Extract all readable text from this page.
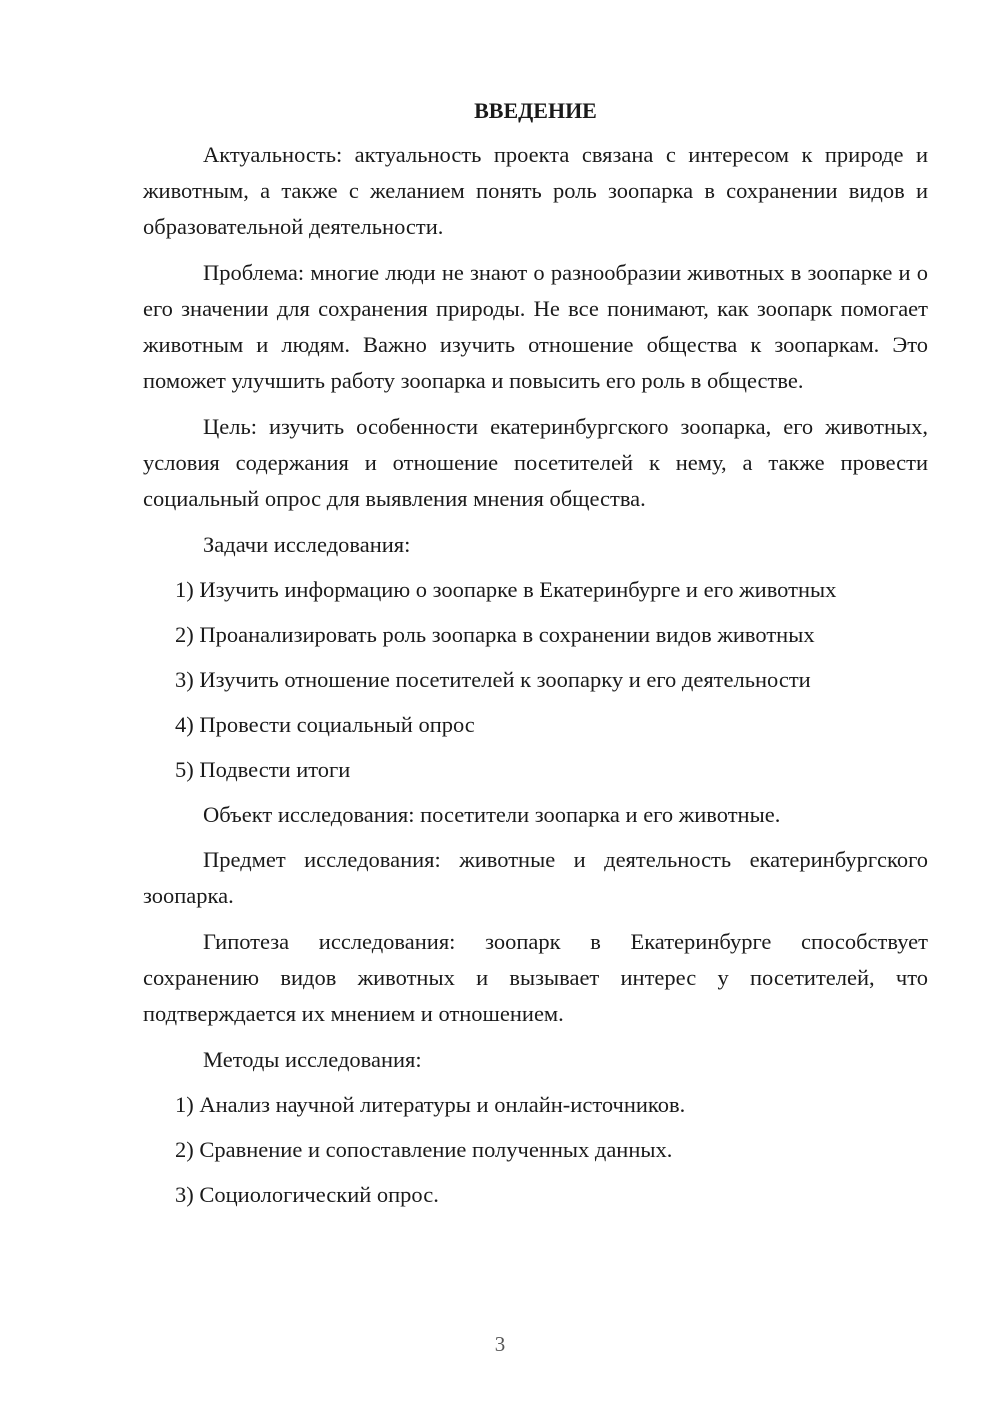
ВВЕДЕНИЕ

Актуальность: актуальность проекта связана с интересом к природе и животным, а также с желанием понять роль зоопарка в сохранении видов и образовательной деятельности.

Проблема: многие люди не знают о разнообразии животных в зоопарке и о его значении для сохранения природы. Не все понимают, как зоопарк помогает животным и людям. Важно изучить отношение общества к зоопаркам. Это поможет улучшить работу зоопарка и повысить его роль в обществе.

Цель: изучить особенности екатеринбургского зоопарка, его животных, условия содержания и отношение посетителей к нему, а также провести социальный опрос для выявления мнения общества.

Задачи исследования:

1) Изучить информацию о зоопарке в Екатеринбурге и его животных
2) Проанализировать роль зоопарка в сохранении видов животных
3) Изучить отношение посетителей к зоопарку и его деятельности
4) Провести социальный опрос
5) Подвести итоги

Объект исследования: посетители зоопарка и его животные.

Предмет исследования: животные и деятельность екатеринбургского зоопарка.

Гипотеза исследования: зоопарк в Екатеринбурге способствует сохранению видов животных и вызывает интерес у посетителей, что подтверждается их мнением и отношением.

Методы исследования:

1) Анализ научной литературы и онлайн-источников.
2) Сравнение и сопоставление полученных данных.
3) Социологический опрос.
3
